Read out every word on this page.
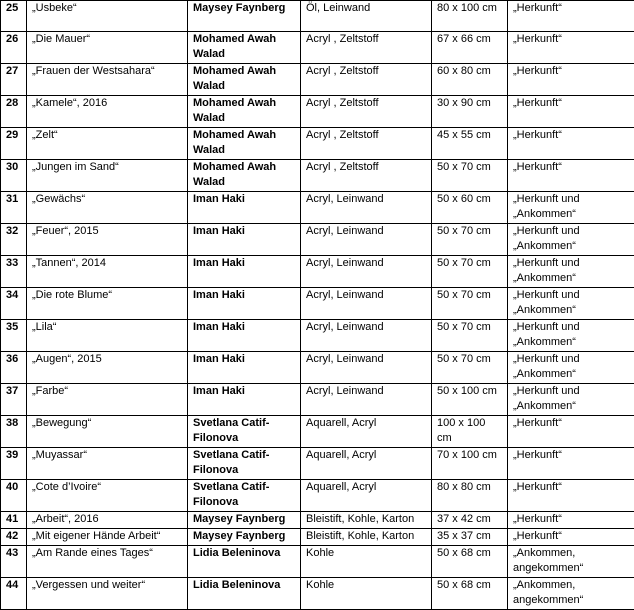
25	„Usbeke“	Maysey Faynberg	Öl, Leinwand	80 x 100 cm	„Herkunft“
26	„Die Mauer“	Mohamed Awah Walad	Acryl , Zeltstoff	67 x 66 cm	„Herkunft“
27	„Frauen der Westsahara“	Mohamed Awah Walad	Acryl , Zeltstoff	60 x 80 cm	„Herkunft“
28	„Kamele“, 2016	Mohamed Awah Walad	Acryl , Zeltstoff	30 x 90 cm	„Herkunft“
29	„Zelt“	Mohamed Awah Walad	Acryl , Zeltstoff	45 x 55 cm	„Herkunft“
30	„Jungen im Sand“	Mohamed Awah Walad	Acryl , Zeltstoff	50 x 70 cm	„Herkunft“
31	„Gewächs“	Iman Haki	Acryl, Leinwand	50 x 60 cm	„Herkunft und „Ankommen“
32	„Feuer“, 2015	Iman Haki	Acryl, Leinwand	50 x 70 cm	„Herkunft und „Ankommen“
33	„Tannen“, 2014	Iman Haki	Acryl, Leinwand	50 x 70 cm	„Herkunft und „Ankommen“
34	„Die rote Blume“	Iman Haki	Acryl, Leinwand	50 x 70 cm	„Herkunft und „Ankommen“
35	„Lila“	Iman Haki	Acryl, Leinwand	50 x 70 cm	„Herkunft und „Ankommen“
36	„Augen“, 2015	Iman Haki	Acryl, Leinwand	50 x 70 cm	„Herkunft und „Ankommen“
37	„Farbe“	Iman Haki	Acryl, Leinwand	50 x 100 cm	„Herkunft und „Ankommen“
38	„Bewegung“	Svetlana Catif-Filonova	Aquarell, Acryl	100 x 100 cm	„Herkunft“
39	„Muyassar“	Svetlana Catif-Filonova	Aquarell, Acryl	70 x 100 cm	„Herkunft“
40	„Cote d’Ivoire“	Svetlana Catif-Filonova	Aquarell, Acryl	80 x 80 cm	„Herkunft“
41	„Arbeit“, 2016	Maysey Faynberg	Bleistift, Kohle, Karton	37 x 42 cm	„Herkunft“
42	„Mit eigener Hände Arbeit“	Maysey Faynberg	Bleistift, Kohle, Karton	35 x 37 cm	„Herkunft“
43	„Am Rande eines Tages“	Lidia Beleninova	Kohle	50 x 68 cm	„Ankommen, angekommen“
44	„Vergessen und weiter“	Lidia Beleninova	Kohle	50 x 68 cm	„Ankommen, angekommen“
